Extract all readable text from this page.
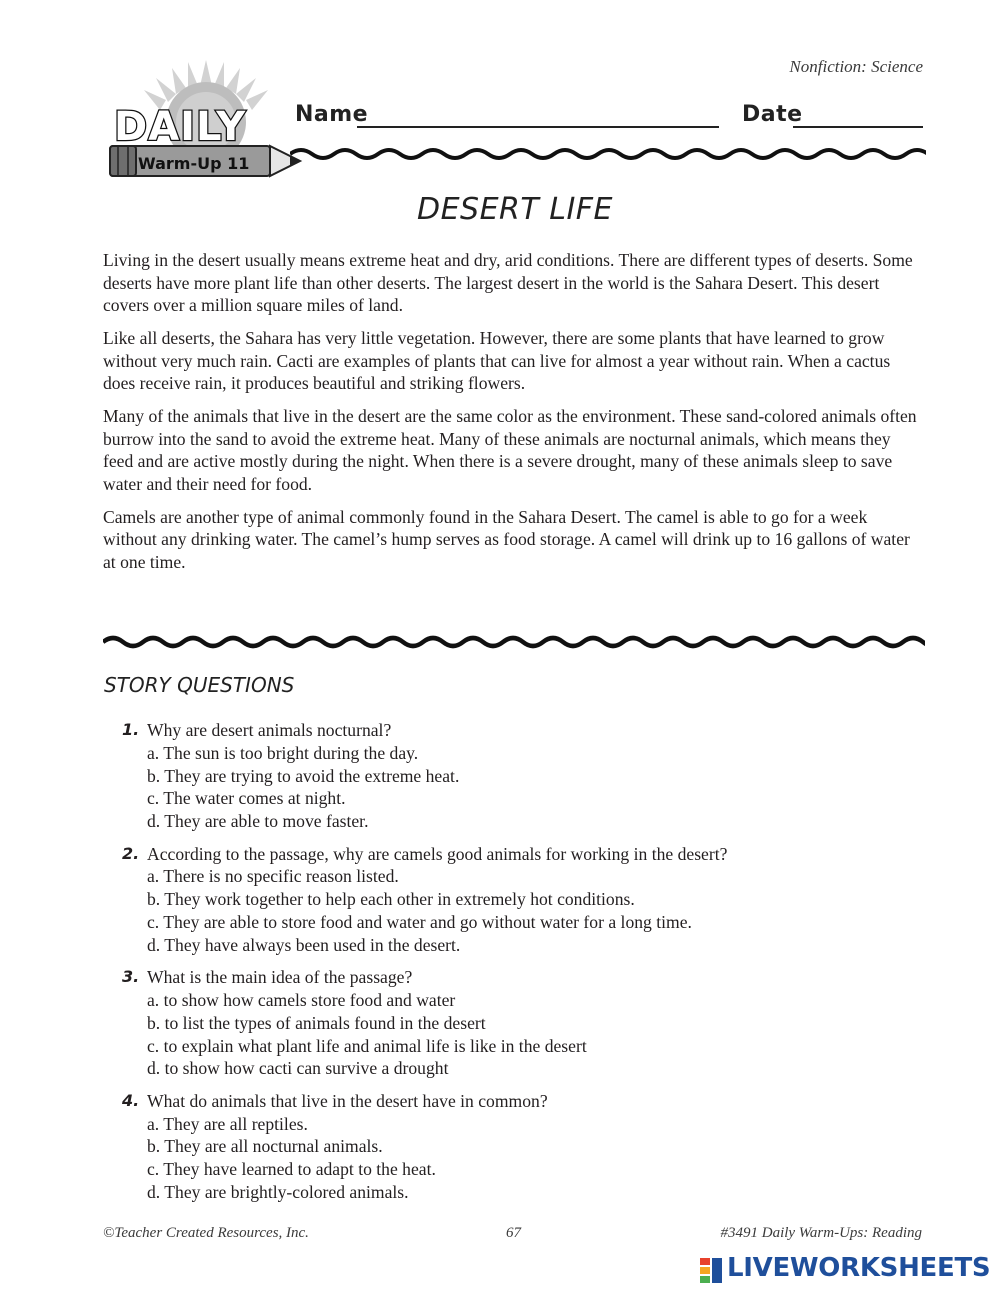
Nonfiction: Science
Warm-Up 11
DAILY Name	Date
DESERT LIFE

Living in the desert usually means extreme heat and dry, arid conditions. There are different types of deserts. Some deserts have more plant life than other deserts. The largest desert in the world is the Sahara Desert. This desert covers over a million square miles of land.

Like all deserts, the Sahara has very little vegetation. However, there are some plants that have learned to grow without very much rain. Cacti are examples of plants that can live for almost a year without rain. When a cactus does receive rain, it produces beautiful and striking flowers.

Many of the animals that live in the desert are the same color as the environment. These sand-colored animals often burrow into the sand to avoid the extreme heat. Many of these animals are nocturnal animals, which means they feed and are active mostly during the night. When there is a severe drought, many of these animals sleep to save water and their need for food.

Camels are another type of animal commonly found in the Sahara Desert. The camel is able to go for a week without any drinking water. The camel’s hump serves as food storage. A camel will drink up to 16 gallons of water at one time.

STORY QUESTIONS
1. Why are desert animals nocturnal?
a. The sun is too bright during the day.
b. They are trying to avoid the extreme heat.
c. The water comes at night.
d. They are able to move faster.
2. According to the passage, why are camels good animals for working in the desert?
a. There is no specific reason listed.
b. They work together to help each other in extremely hot conditions.
c. They are able to store food and water and go without water for a long time.
d. They have always been used in the desert.
3. What is the main idea of the passage?
a. to show how camels store food and water
b. to list the types of animals found in the desert
c. to explain what plant life and animal life is like in the desert
d. to show how cacti can survive a drought
4. What do animals that live in the desert have in common?
a. They are all reptiles.
b. They are all nocturnal animals.
c. They have learned to adapt to the heat.
d. They are brightly-colored animals.
©Teacher Created Resources, Inc.	67	#3491 Daily Warm-Ups: Reading
LIVEWORKSHEETS
